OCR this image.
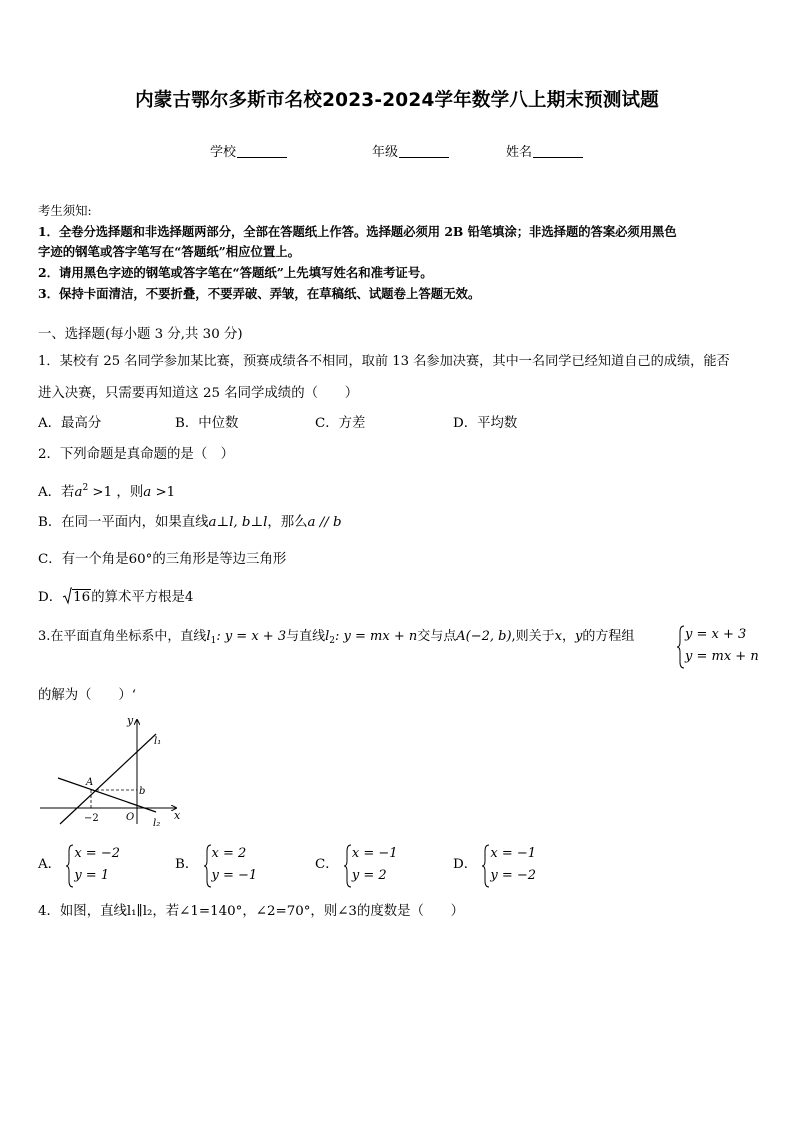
内蒙古鄂尔多斯市名校2023-2024学年数学八上期末预测试题
学校	年级	姓名
考生须知:
1．全卷分选择题和非选择题两部分，全部在答题纸上作答。选择题必须用 2B 铅笔填涂；非选择题的答案必须用黑色
字迹的钢笔或答字笔写在“答题纸”相应位置上。
2．请用黑色字迹的钢笔或答字笔在“答题纸”上先填写姓名和准考证号。
3．保持卡面清洁，不要折叠，不要弄破、弄皱，在草稿纸、试题卷上答题无效。
一、选择题(每小题 3 分,共 30 分)
1．某校有 25 名同学参加某比赛，预赛成绩各不相同，取前 13 名参加决赛，其中一名同学已经知道自己的成绩，能否
进入决赛，只需要再知道这 25 名同学成绩的（　　）
A．最高分	B．中位数	C．方差	D．平均数
2．下列命题是真命题的是（　）
A．若$a^2 >1$ ，则a >1
B．在同一平面内，如果直线a⊥l, b⊥l，那么a // b
C．有一个角是60°的三角形是等边三角形
D． 16的算术平方根是4
3.在平面直角坐标系中，直线$l_1$: y = x + 3与直线$l_2$: y = mx + n交与点A(−2, b),则关于x，y的方程组	y = x + 3
y = mx + n
的解为（　　）‘
y
x
l₁
l₂
A
b
−2	O
A．
x = −2
y = 1
B．
x = 2
y = −1
C．
x = −1
y = 2
D．
x = −1
y = −2
4．如图，直线l₁∥l₂，若∠1=140°，∠2=70°，则∠3的度数是（　　）
